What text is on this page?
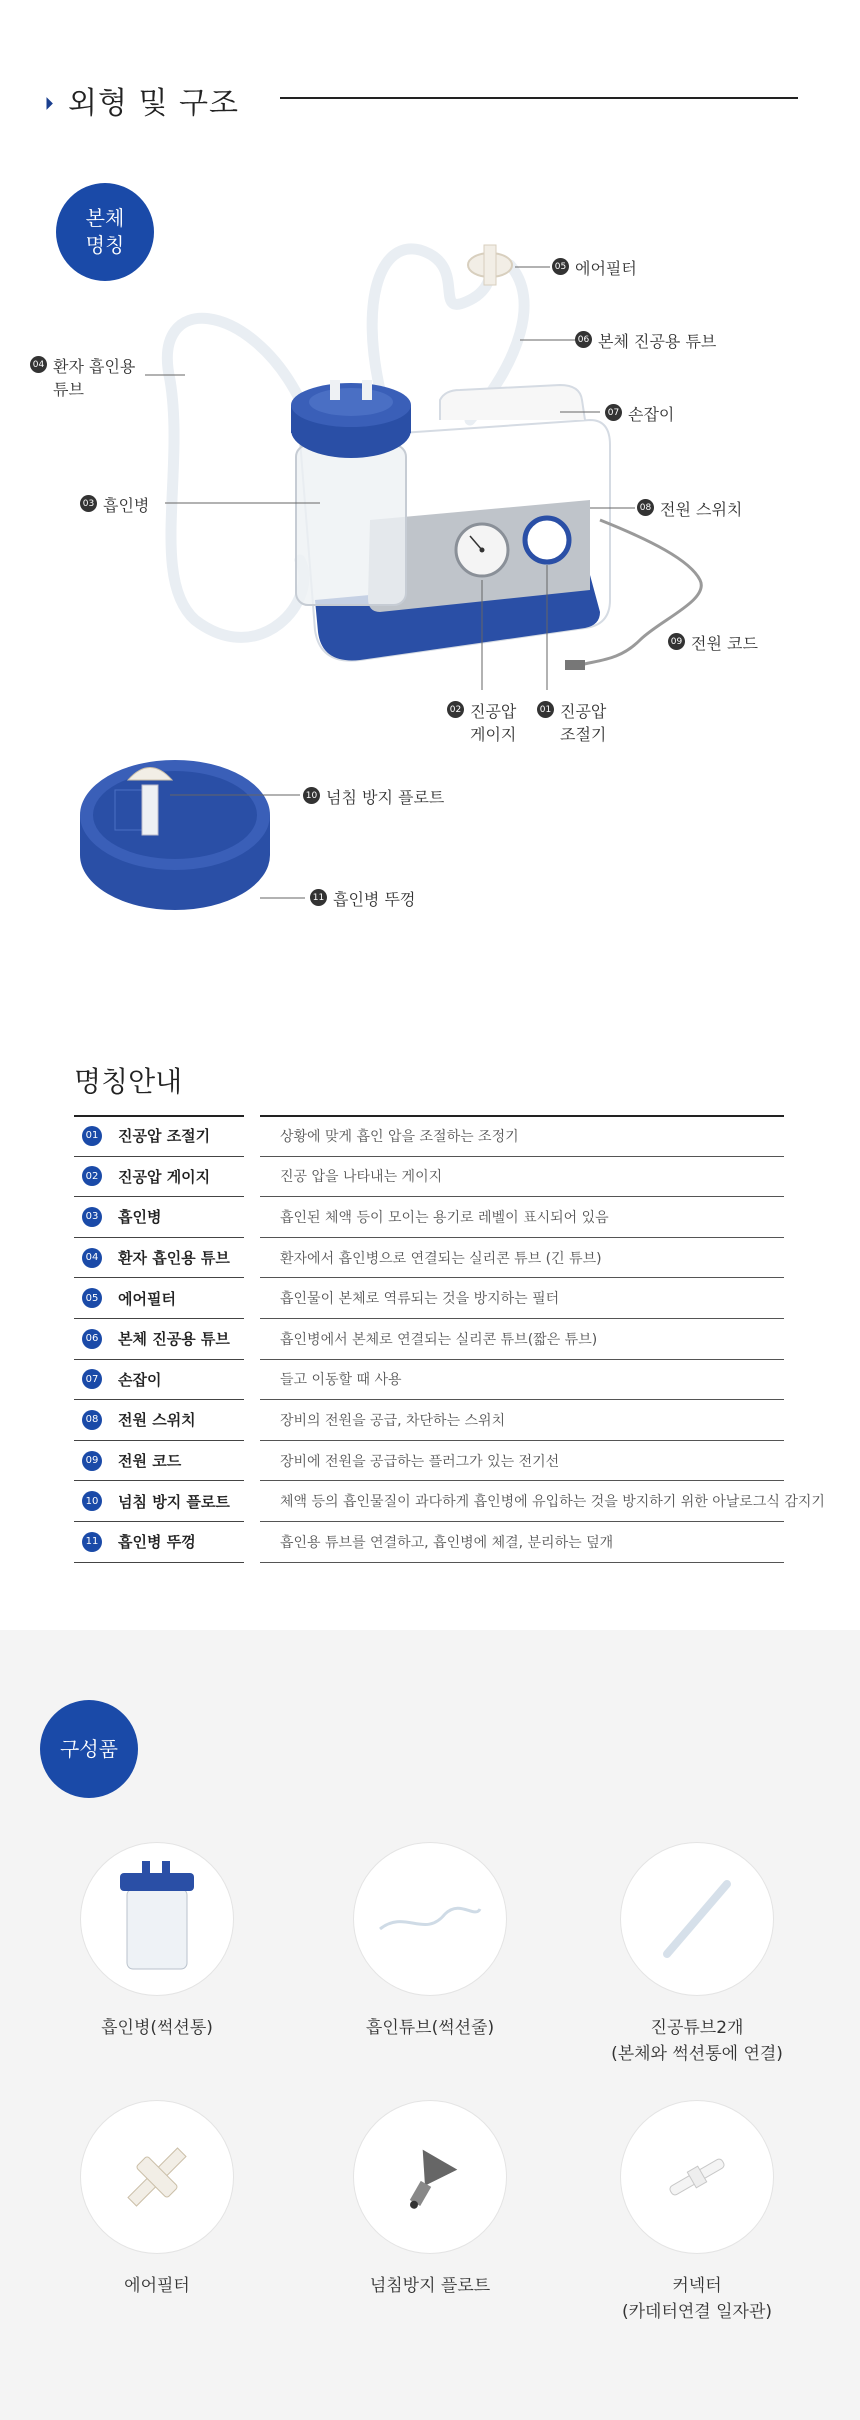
외형 및 구조
본체
명칭
04 환자 흡인용
튜브
03 흡인병
05 에어필터
06 본체 진공용 튜브
07 손잡이
08 전원 스위치
09 전원 코드
02 진공압
게이지
01 진공압
조절기
10 넘침 방지 플로트
11 흡인병 뚜껑
명칭안내
01 진공압 조절기	상황에 맞게 흡인 압을 조절하는 조정기
02 진공압 게이지	진공 압을 나타내는 게이지
03 흡인병	흡인된 체액 등이 모이는 용기로 레벨이 표시되어 있음
04 환자 흡인용 튜브	환자에서 흡인병으로 연결되는 실리콘 튜브 (긴 튜브)
05 에어필터	흡인물이 본체로 역류되는 것을 방지하는 필터
06 본체 진공용 튜브	흡인병에서 본체로 연결되는 실리콘 튜브(짧은 튜브)
07 손잡이	들고 이동할 때 사용
08 전원 스위치	장비의 전원을 공급, 차단하는 스위치
09 전원 코드	장비에 전원을 공급하는 플러그가 있는 전기선
10 넘침 방지 플로트	체액 등의 흡인물질이 과다하게 흡인병에 유입하는 것을 방지하기 위한 아날로그식 감지기
11 흡인병 뚜껑	흡인용 튜브를 연결하고, 흡인병에 체결, 분리하는 덮개
구성품
흡인병(썩션통)	흡인튜브(썩션줄)	진공튜브2개
(본체와 썩션통에 연결)
에어필터	넘침방지 플로트	커넥터
(카데터연결 일자관)
